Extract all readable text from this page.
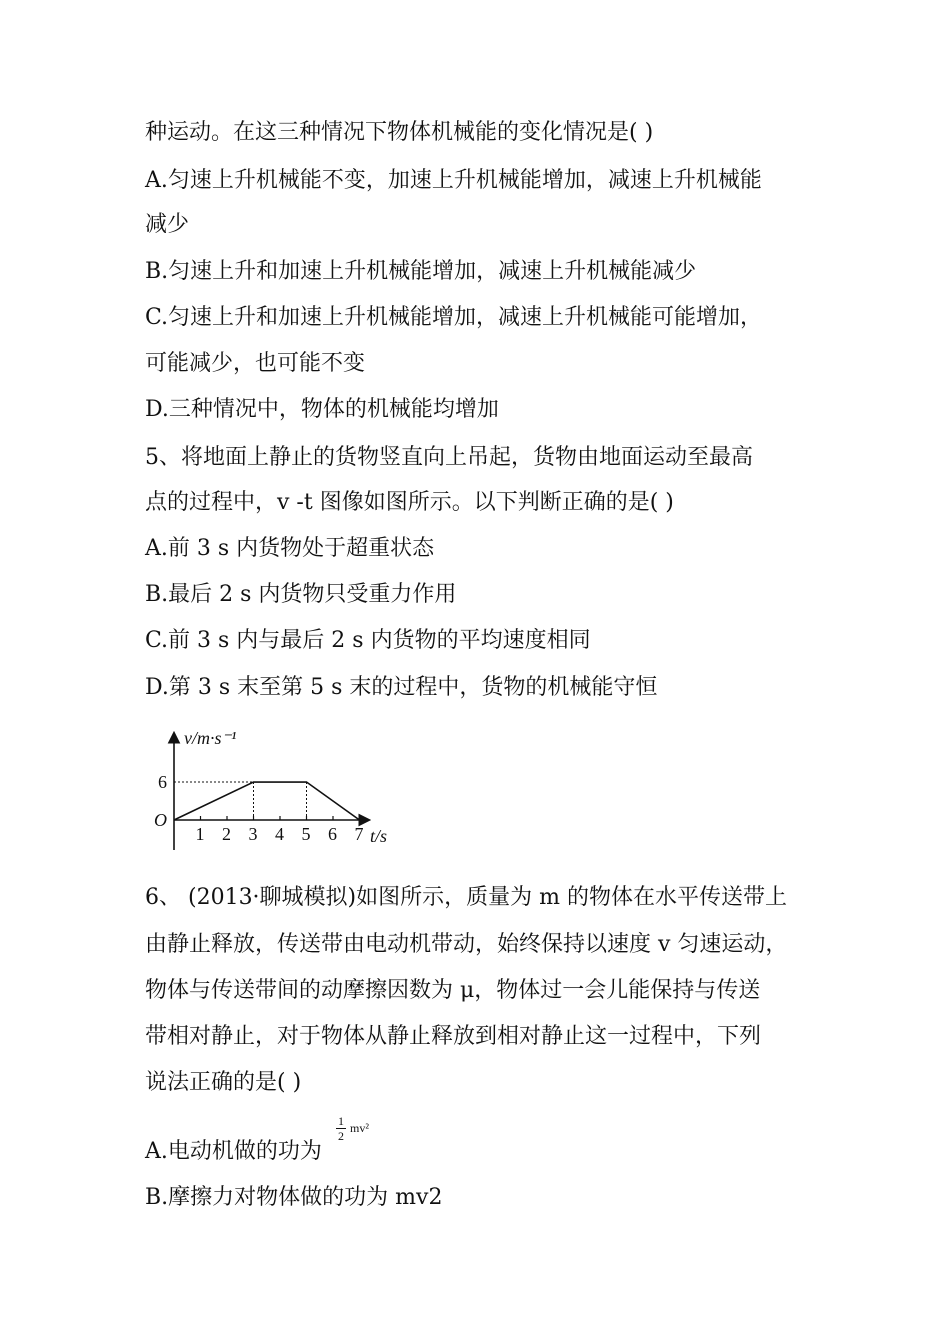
种运动。在这三种情况下物体机械能的变化情况是( )
A.匀速上升机械能不变，加速上升机械能增加，减速上升机械能
减少
B.匀速上升和加速上升机械能增加，减速上升机械能减少
C.匀速上升和加速上升机械能增加，减速上升机械能可能增加，
可能减少，也可能不变
D.三种情况中，物体的机械能均增加
5、将地面上静止的货物竖直向上吊起，货物由地面运动至最高
点的过程中，v -t 图像如图所示。以下判断正确的是( )
A.前 3 s 内货物处于超重状态
B.最后 2 s 内货物只受重力作用
C.前 3 s 内与最后 2 s 内货物的平均速度相同
D.第 3 s 末至第 5 s 末的过程中，货物的机械能守恒
6、 (2013·聊城模拟)如图所示，质量为 m 的物体在水平传送带上
由静止释放，传送带由电动机带动，始终保持以速度 v 匀速运动，
物体与传送带间的动摩擦因数为 μ，物体过一会儿能保持与传送
带相对静止，对于物体从静止释放到相对静止这一过程中，下列
说法正确的是( )
A.电动机做的功为
B.摩擦力对物体做的功为 mv2
1
2
mv²
v/m·s⁻¹
t/s
O
1 2 3 4 5 6 7
6
